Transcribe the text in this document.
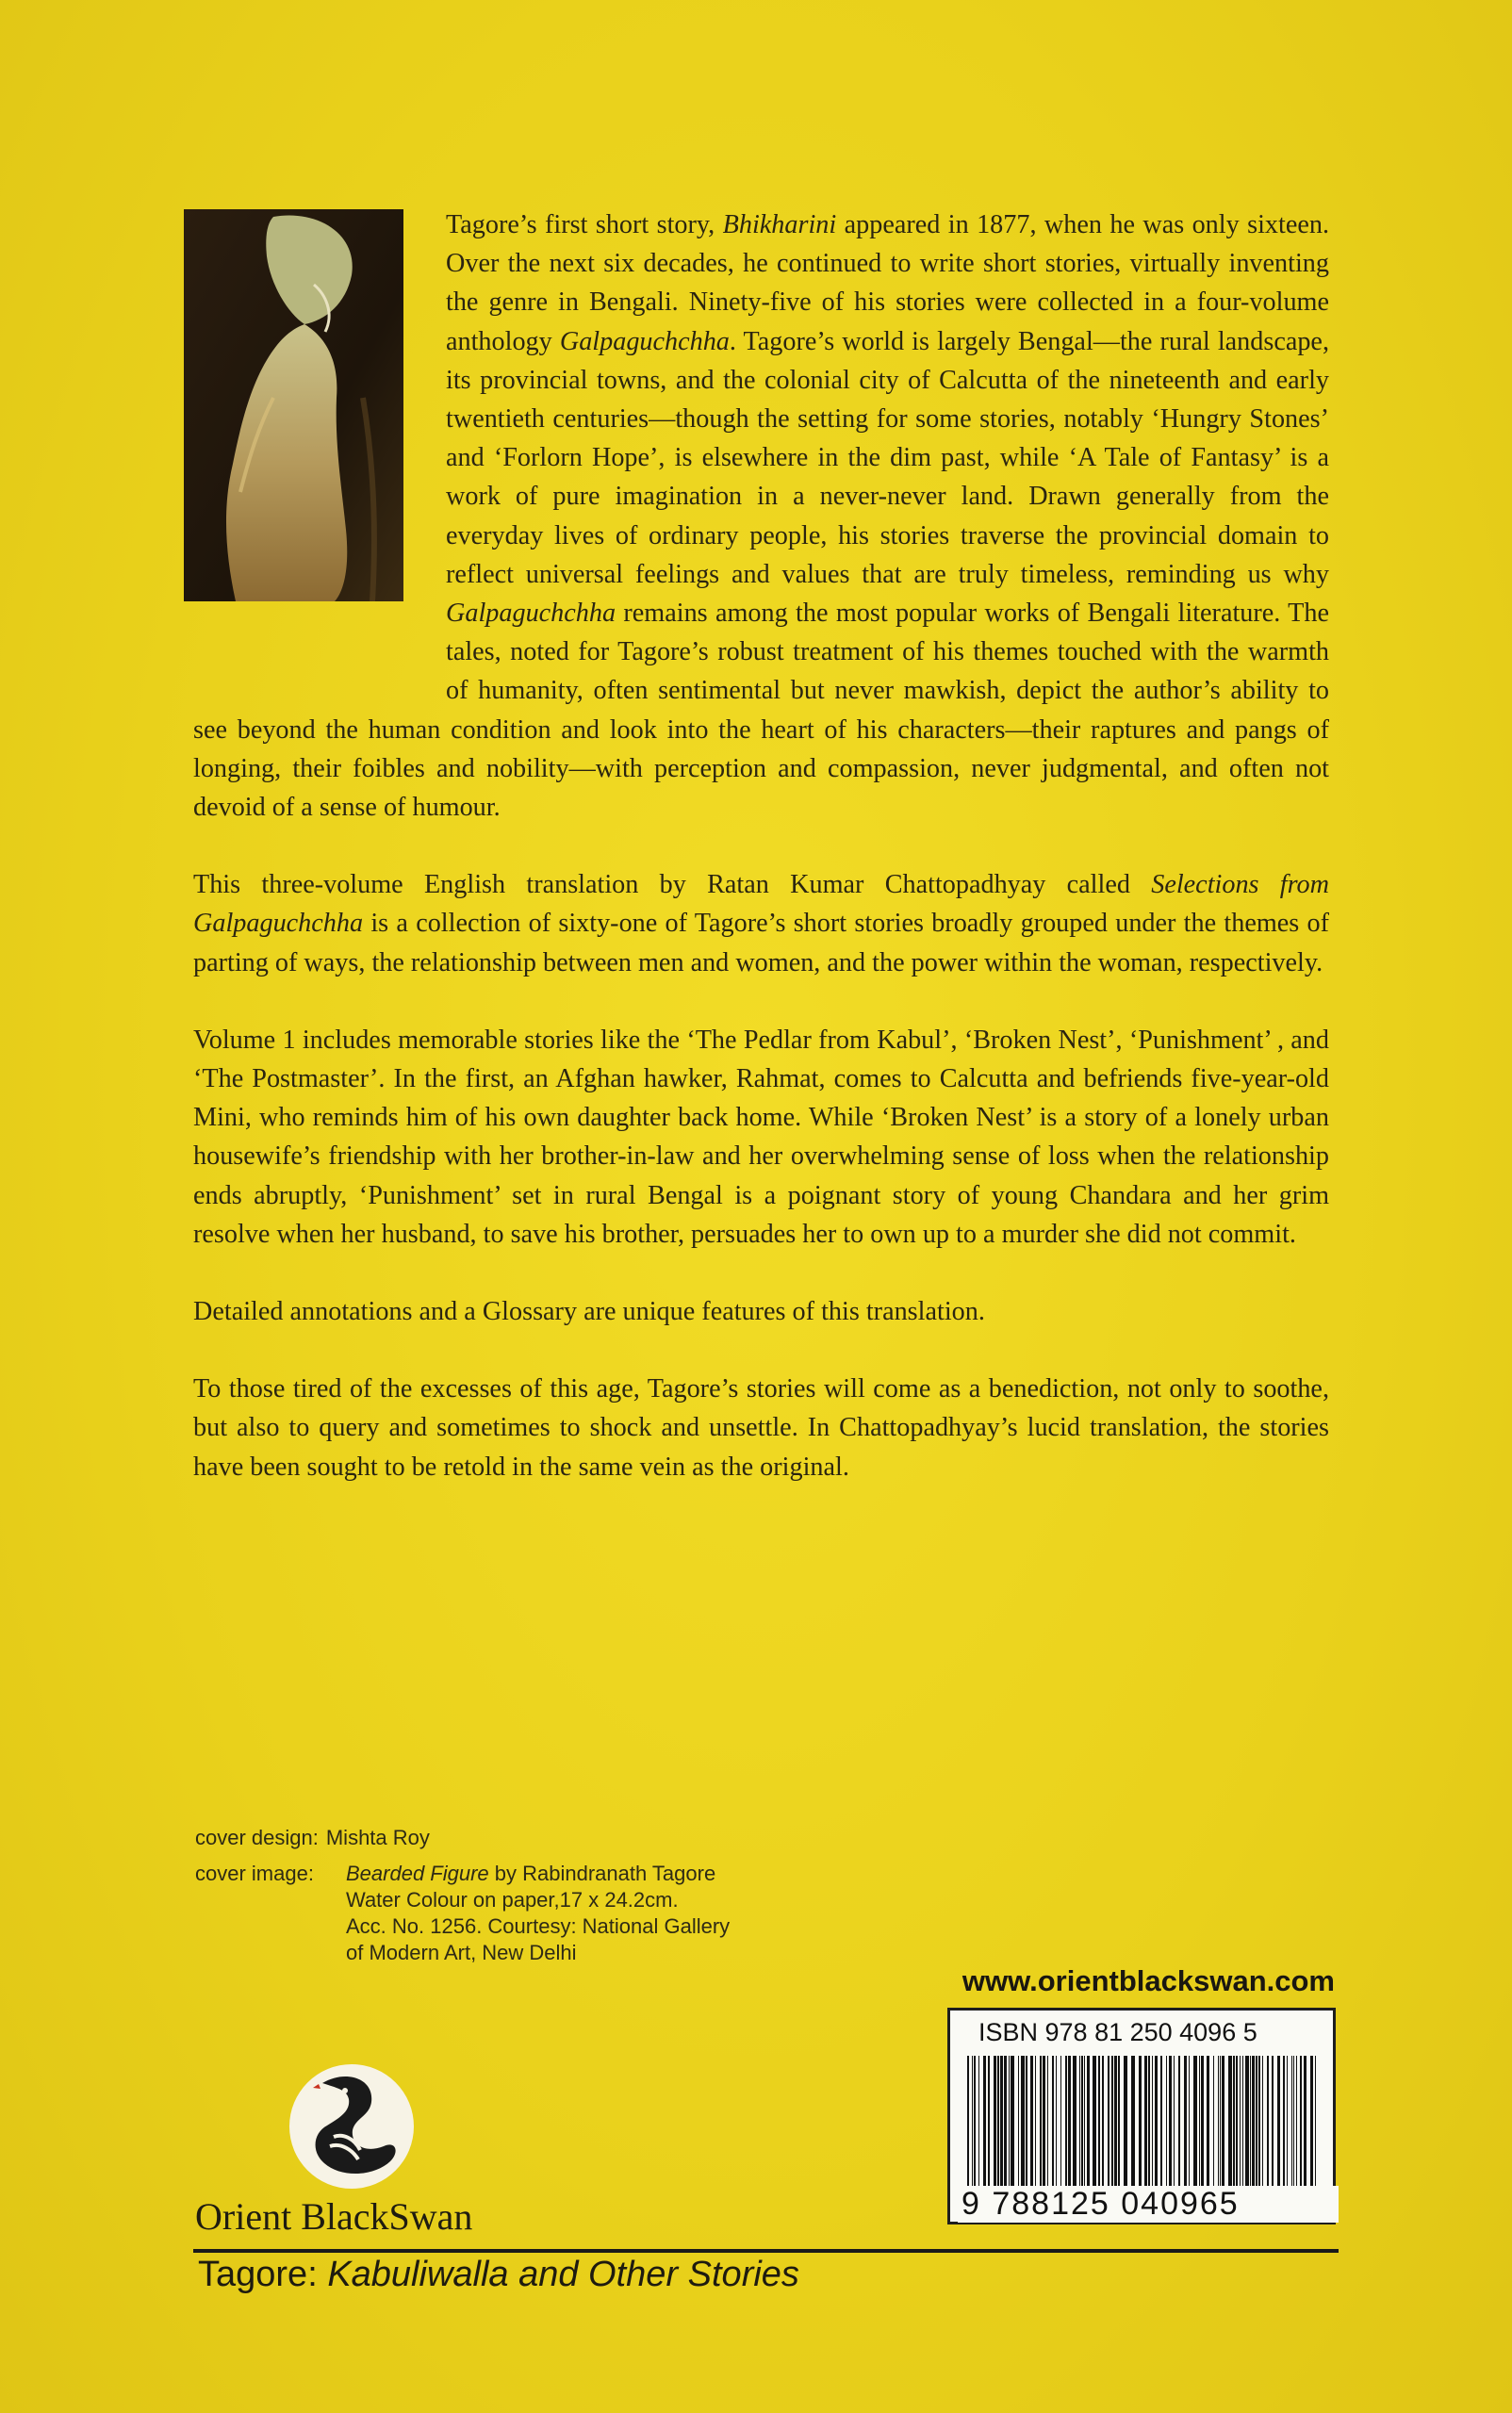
Tagore’s first short story, Bhikharini appeared in 1877, when he was only sixteen. Over the next six decades, he continued to write short stories, virtually inventing the genre in Bengali. Ninety-five of his stories were collected in a four-volume anthology Galpaguchchha. Tagore’s world is largely Bengal—the rural landscape, its provincial towns, and the colonial city of Calcutta of the nineteenth and early twentieth centuries—though the setting for some stories, notably ‘Hungry Stones’ and ‘Forlorn Hope’, is elsewhere in the dim past, while ‘A Tale of Fantasy’ is a work of pure imagination in a never-never land. Drawn generally from the everyday lives of ordinary people, his stories traverse the provincial domain to reflect universal feelings and values that are truly timeless, reminding us why Galpaguchchha remains among the most popular works of Bengali literature. The tales, noted for Tagore’s robust treatment of his themes touched with the warmth of humanity, often sentimental but never mawkish, depict the author’s ability to see beyond the human condition and look into the heart of his characters—their raptures and pangs of longing, their foibles and nobility—with perception and compassion, never judgmental, and often not devoid of a sense of humour.

This three-volume English translation by Ratan Kumar Chattopadhyay called Selections from Galpaguchchha is a collection of sixty-one of Tagore’s short stories broadly grouped under the themes of parting of ways, the relationship between men and women, and the power within the woman, respectively.

Volume 1 includes memorable stories like the ‘The Pedlar from Kabul’, ‘Broken Nest’, ‘Punishment’ , and ‘The Postmaster’. In the first, an Afghan hawker, Rahmat, comes to Calcutta and befriends five-year-old Mini, who reminds him of his own daughter back home. While ‘Broken Nest’ is a story of a lonely urban housewife’s friendship with her brother-in-law and her overwhelming sense of loss when the relationship ends abruptly, ‘Punishment’ set in rural Bengal is a poignant story of young Chandara and her grim resolve when her husband, to save his brother, persuades her to own up to a murder she did not commit.

Detailed annotations and a Glossary are unique features of this translation.

To those tired of the excesses of this age, Tagore’s stories will come as a benediction, not only to soothe, but also to query and sometimes to shock and unsettle. In Chattopadhyay’s lucid translation, the stories have been sought to be retold in the same vein as the original.

cover design: Mishta Roy
cover image:	Bearded Figure by Rabindranath Tagore
Water Colour on paper,17 x 24.2cm.
Acc. No. 1256. Courtesy: National Gallery
of Modern Art, New Delhi
www.orientblackswan.com
ISBN 978 81 250 4096 5
9 788125 040965
Orient BlackSwan
Tagore: Kabuliwalla and Other Stories
